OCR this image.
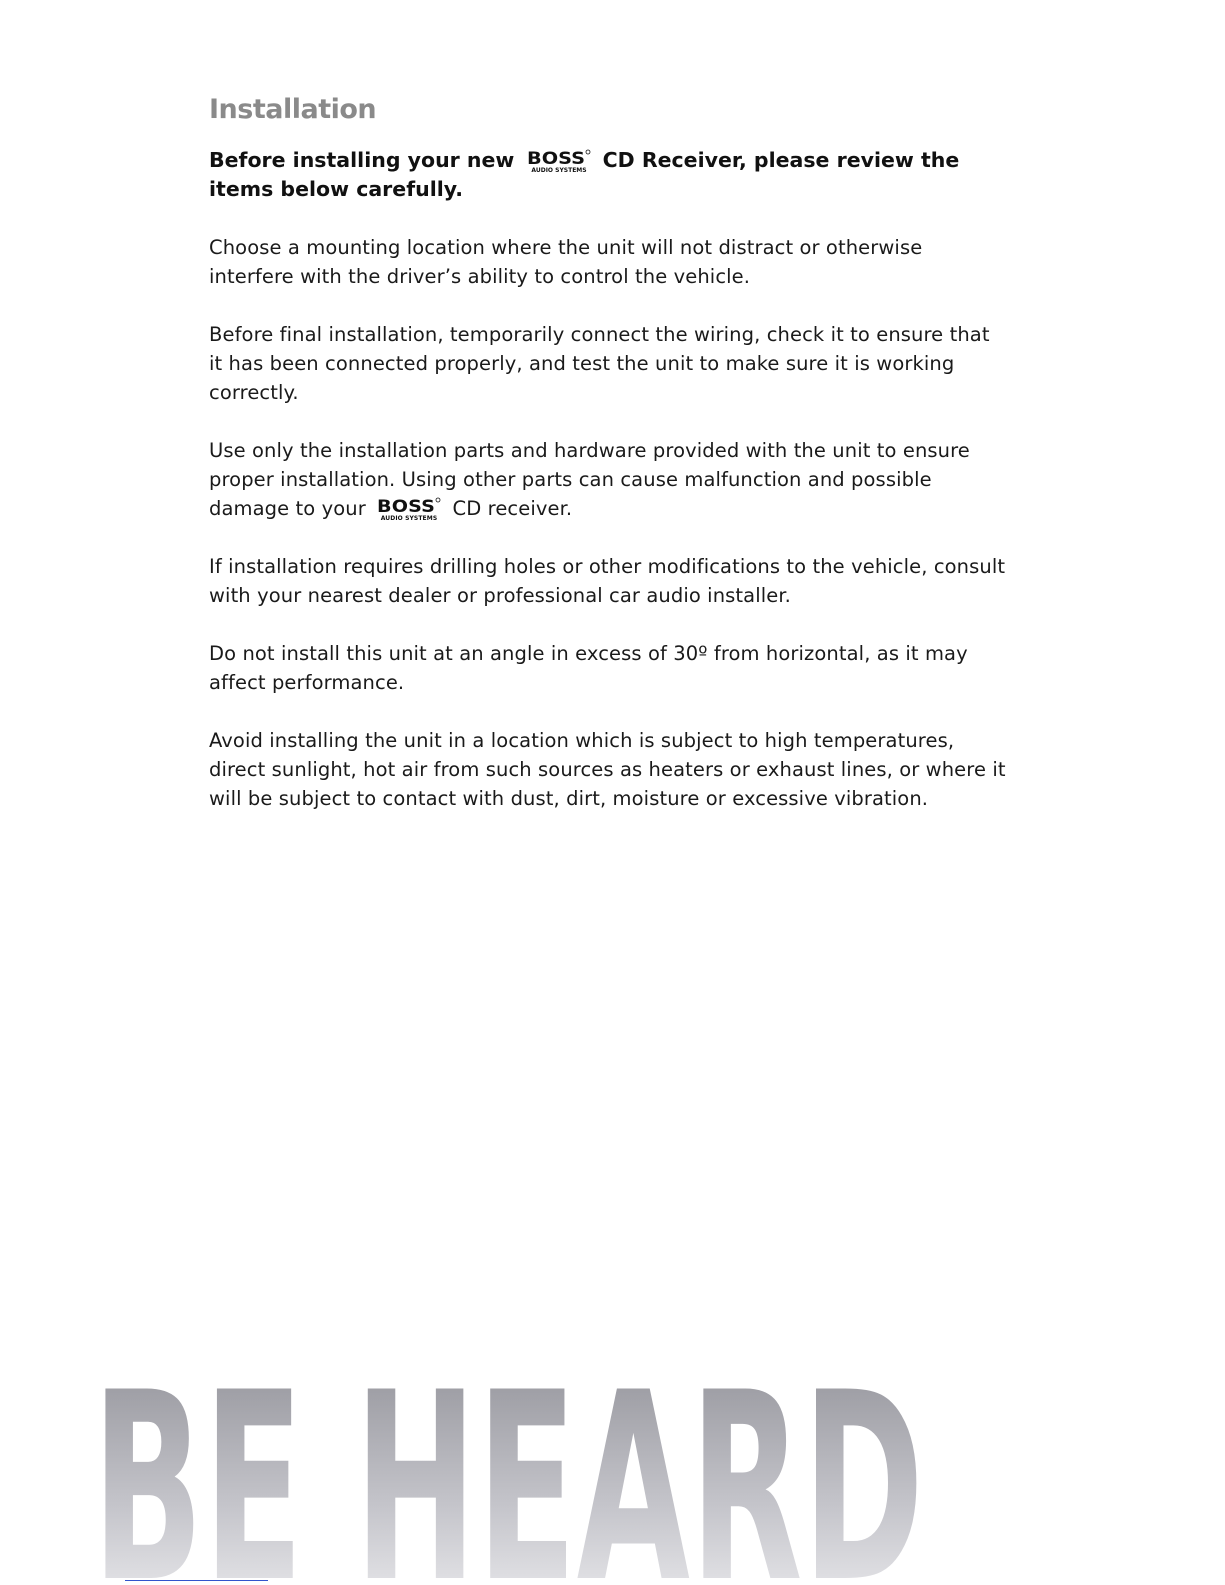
Installation

Before installing your new BOSS
AUDIO SYSTEMS CD Receiver, please review the items below carefully.

Choose a mounting location where the unit will not distract or otherwise interfere with the driver’s ability to control the vehicle.

Before final installation, temporarily connect the wiring, check it to ensure that it has been connected properly, and test the unit to make sure it is working correctly.

Use only the installation parts and hardware provided with the unit to ensure proper installation. Using other parts can cause malfunction and possible damage to your BOSS
AUDIO SYSTEMS CD receiver.

If installation requires drilling holes or other modifications to the vehicle, consult with your nearest dealer or professional car audio installer.

Do not install this unit at an angle in excess of 30º from horizontal, as it may affect performance.

Avoid installing the unit in a location which is subject to high temperatures, direct sunlight, hot air from such sources as heaters or exhaust lines, or where it will be subject to contact with dust, dirt, moisture or excessive vibration.

BE HEARD
